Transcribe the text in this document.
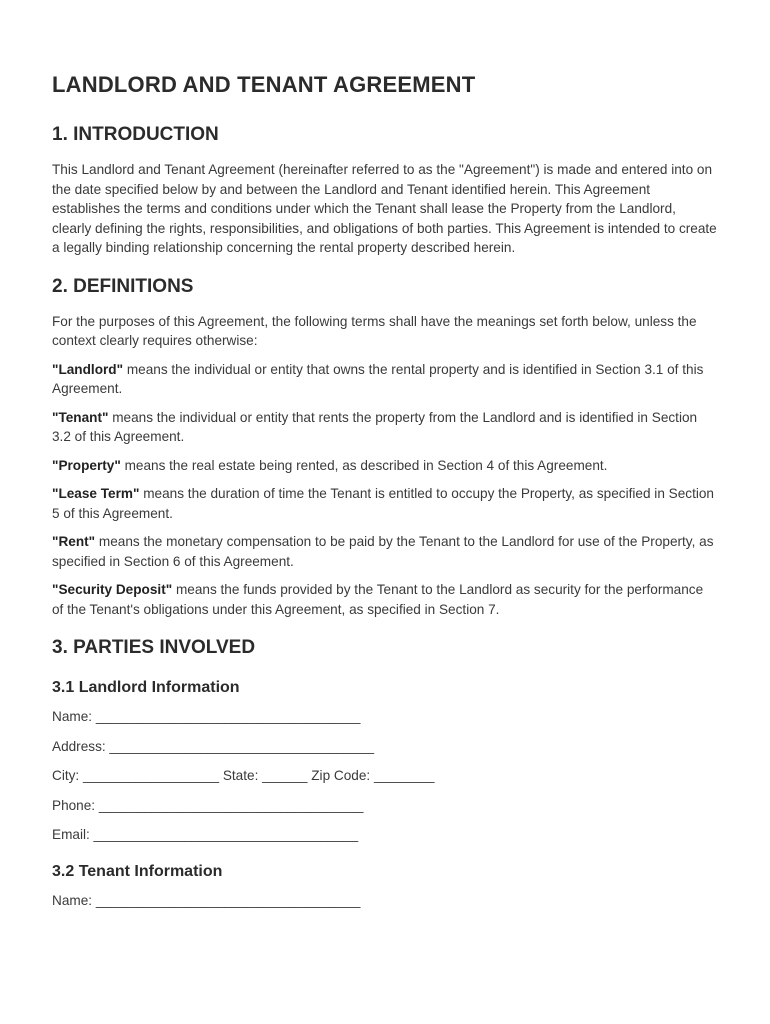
LANDLORD AND TENANT AGREEMENT
1. INTRODUCTION

This Landlord and Tenant Agreement (hereinafter referred to as the "Agreement") is made and entered into on the date specified below by and between the Landlord and Tenant identified herein. This Agreement establishes the terms and conditions under which the Tenant shall lease the Property from the Landlord, clearly defining the rights, responsibilities, and obligations of both parties. This Agreement is intended to create a legally binding relationship concerning the rental property described herein.

2. DEFINITIONS

For the purposes of this Agreement, the following terms shall have the meanings set forth below, unless the context clearly requires otherwise:

"Landlord" means the individual or entity that owns the rental property and is identified in Section 3.1 of this Agreement.

"Tenant" means the individual or entity that rents the property from the Landlord and is identified in Section 3.2 of this Agreement.

"Property" means the real estate being rented, as described in Section 4 of this Agreement.

"Lease Term" means the duration of time the Tenant is entitled to occupy the Property, as specified in Section 5 of this Agreement.

"Rent" means the monetary compensation to be paid by the Tenant to the Landlord for use of the Property, as specified in Section 6 of this Agreement.

"Security Deposit" means the funds provided by the Tenant to the Landlord as security for the performance of the Tenant's obligations under this Agreement, as specified in Section 7.

3. PARTIES INVOLVED
3.1 Landlord Information
Name: ___________________________________
Address: ___________________________________
City: __________________ State: ______ Zip Code: ________
Phone: ___________________________________
Email: ___________________________________
3.2 Tenant Information
Name: ___________________________________
